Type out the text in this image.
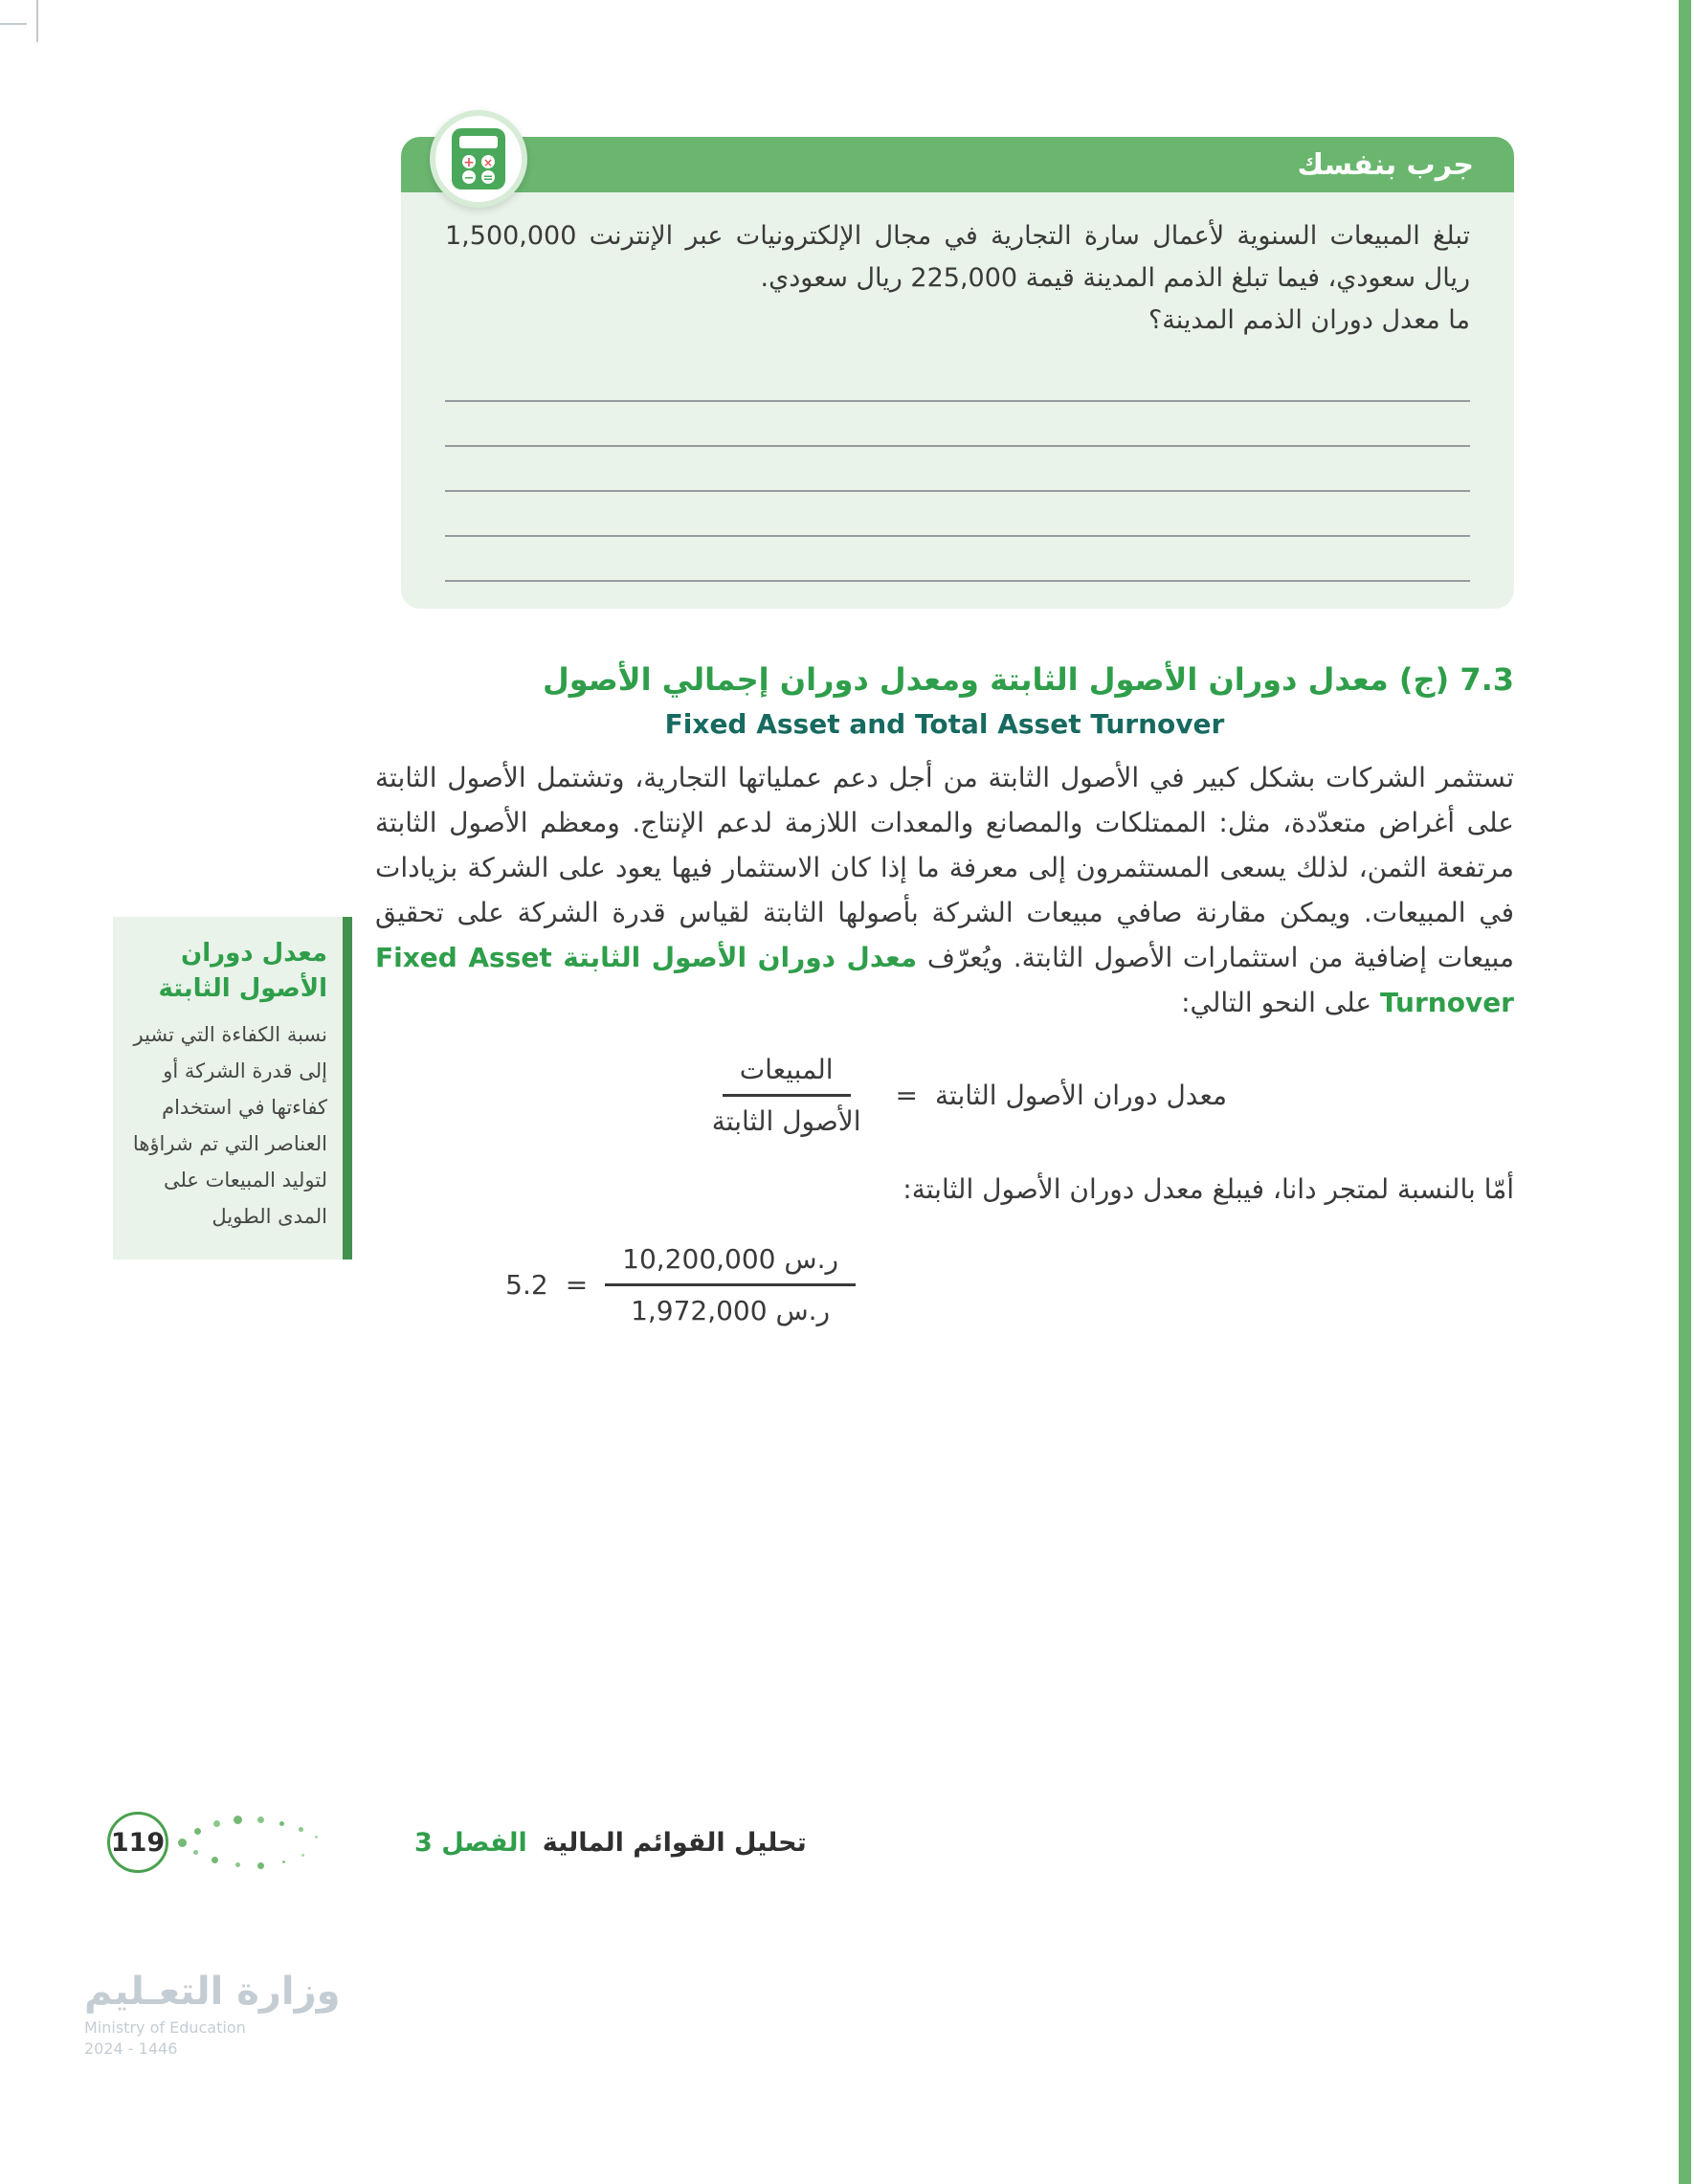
+ ×
− =	جرب بنفسك

تبلغ المبيعات السنوية لأعمال سارة التجارية في مجال الإلكترونيات عبر الإنترنت 1,500,000 ريال سعودي، فيما تبلغ الذمم المدينة قيمة 225,000 ريال سعودي.

ما معدل دوران الذمم المدينة؟

7.3 (ج) معدل دوران الأصول الثابتة ومعدل دوران إجمالي الأصول
Fixed Asset and Total Asset Turnover

تستثمر الشركات بشكل كبير في الأصول الثابتة من أجل دعم عملياتها التجارية، وتشتمل الأصول الثابتة على أغراض متعدّدة، مثل: الممتلكات والمصانع والمعدات اللازمة لدعم الإنتاج. ومعظم الأصول الثابتة مرتفعة الثمن، لذلك يسعى المستثمرون إلى معرفة ما إذا كان الاستثمار فيها يعود على الشركة بزيادات في المبيعات. ويمكن مقارنة صافي مبيعات الشركة بأصولها الثابتة لقياس قدرة الشركة على تحقيق مبيعات إضافية من استثمارات الأصول الثابتة. ويُعرّف معدل دوران الأصول الثابتة Fixed Asset Turnover على النحو التالي:

معدل دوران الأصول الثابتة
=
$\frac{\text{المبيعات}}{\text{الأصول الثابتة}}$

أمّا بالنسبة لمتجر دانا، فيبلغ معدل دوران الأصول الثابتة:

$\frac{\text{ر.س 10,200,000}}{\text{ر.س 1,972,000}}$
=
5.2
معدل دوران الأصول الثابتة
نسبة الكفاءة التي تشير إلى قدرة الشركة أو كفاءتها في استخدام العناصر التي تم شراؤها لتوليد المبيعات على المدى الطويل
119	الفصل 3 تحليل القوائم المالية
وزارة التعـليم
Ministry of Education
2024 - 1446
